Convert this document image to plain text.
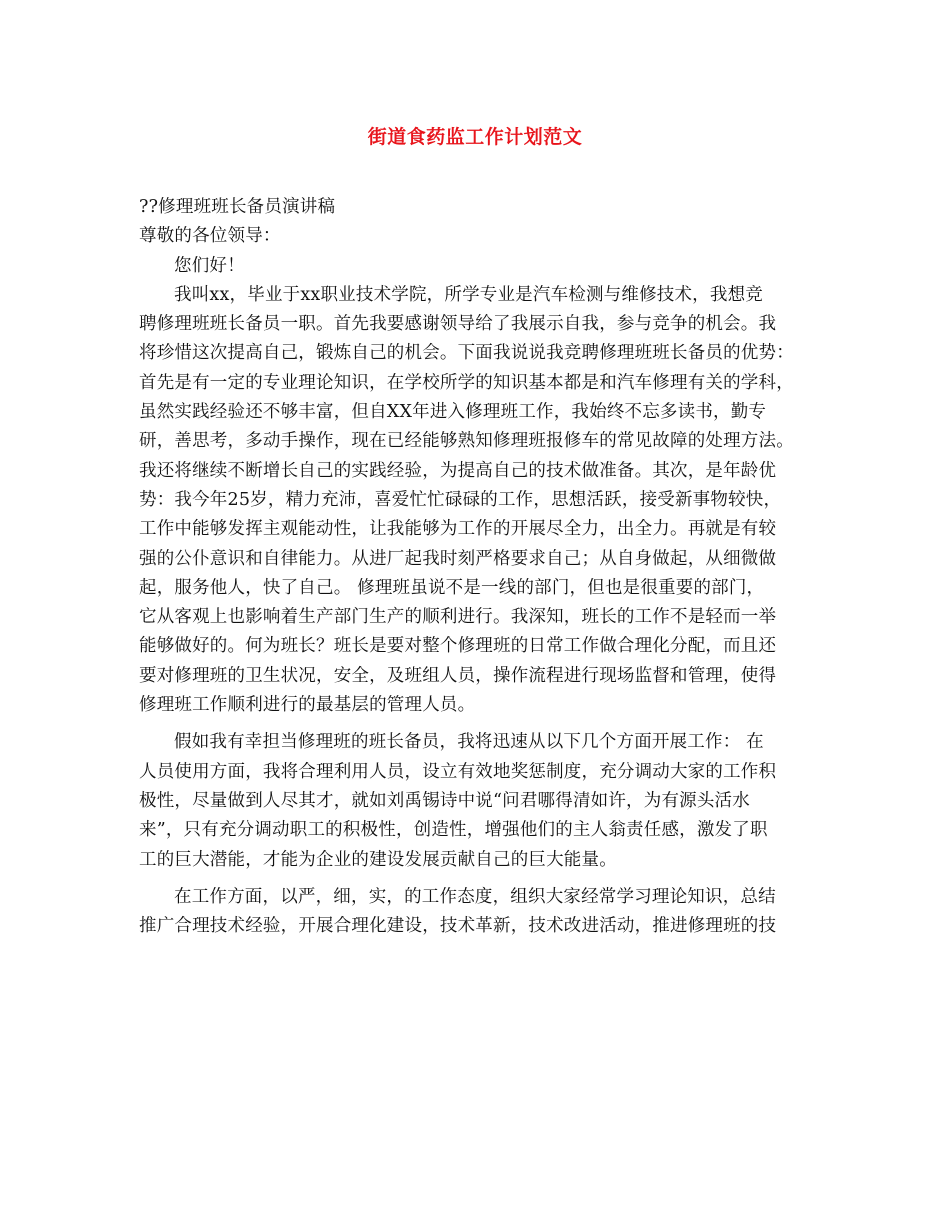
街道食药监工作计划范文
??修理班班长备员演讲稿
尊敬的各位领导：
您们好！
我叫xx，毕业于xx职业技术学院，所学专业是汽车检测与维修技术，我想竞
聘修理班班长备员一职。首先我要感谢领导给了我展示自我，参与竞争的机会。我
将珍惜这次提高自己，锻炼自己的机会。下面我说说我竞聘修理班班长备员的优势：
首先是有一定的专业理论知识，在学校所学的知识基本都是和汽车修理有关的学科，
虽然实践经验还不够丰富，但自XX年进入修理班工作，我始终不忘多读书，勤专
研，善思考，多动手操作，现在已经能够熟知修理班报修车的常见故障的处理方法。
我还将继续不断增长自己的实践经验，为提高自己的技术做准备。其次，是年龄优
势：我今年25岁，精力充沛，喜爱忙忙碌碌的工作，思想活跃，接受新事物较快，
工作中能够发挥主观能动性，让我能够为工作的开展尽全力，出全力。再就是有较
强的公仆意识和自律能力。从进厂起我时刻严格要求自己；从自身做起，从细微做
起，服务他人，快了自己。 修理班虽说不是一线的部门，但也是很重要的部门，
它从客观上也影响着生产部门生产的顺利进行。我深知，班长的工作不是轻而一举
能够做好的。何为班长？班长是要对整个修理班的日常工作做合理化分配，而且还
要对修理班的卫生状况，安全，及班组人员，操作流程进行现场监督和管理，使得
修理班工作顺利进行的最基层的管理人员。
假如我有幸担当修理班的班长备员，我将迅速从以下几个方面开展工作： 在
人员使用方面，我将合理利用人员，设立有效地奖惩制度，充分调动大家的工作积
极性，尽量做到人尽其才，就如刘禹锡诗中说“问君哪得清如许，为有源头活水
来”，只有充分调动职工的积极性，创造性，增强他们的主人翁责任感，激发了职
工的巨大潜能，才能为企业的建设发展贡献自己的巨大能量。
在工作方面，以严，细，实，的工作态度，组织大家经常学习理论知识，总结
推广合理技术经验，开展合理化建设，技术革新，技术改进活动，推进修理班的技
